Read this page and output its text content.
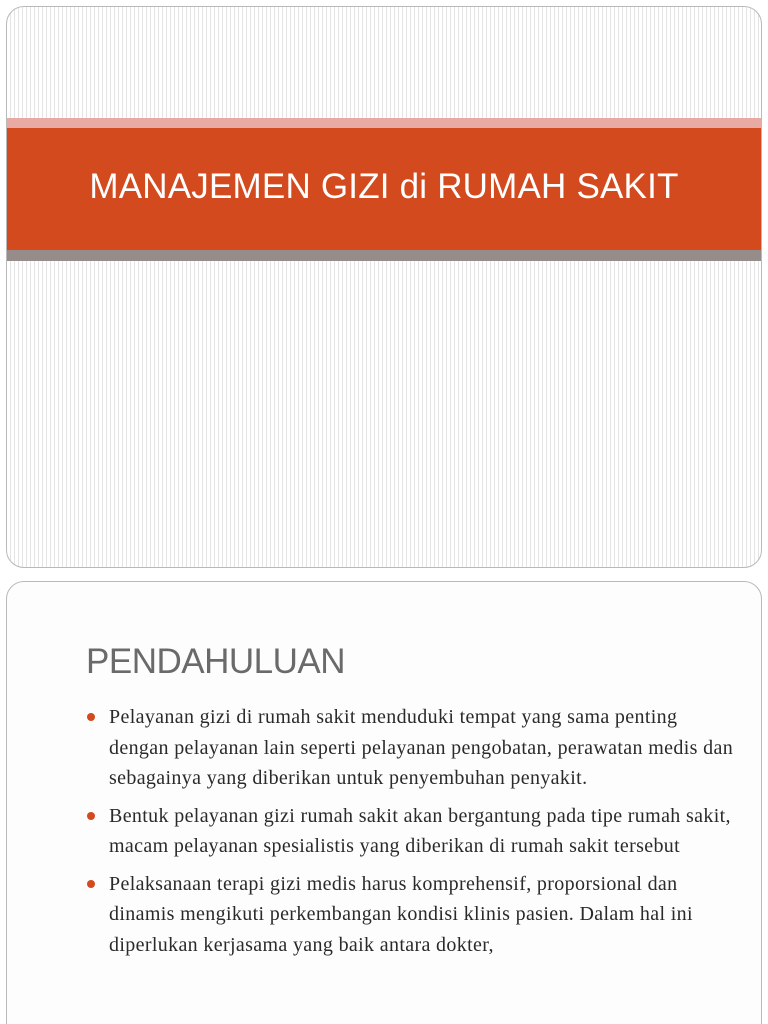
MANAJEMEN GIZI di RUMAH SAKIT
PENDAHULUAN
Pelayanan gizi di rumah sakit menduduki tempat yang sama penting dengan pelayanan lain seperti pelayanan pengobatan, perawatan medis dan sebagainya yang diberikan untuk penyembuhan penyakit.
Bentuk pelayanan gizi rumah sakit akan bergantung pada tipe rumah sakit, macam pelayanan spesialistis yang diberikan di rumah sakit tersebut
Pelaksanaan terapi gizi medis harus komprehensif, proporsional dan dinamis mengikuti perkembangan kondisi klinis pasien. Dalam hal ini diperlukan kerjasama yang baik antara dokter,
